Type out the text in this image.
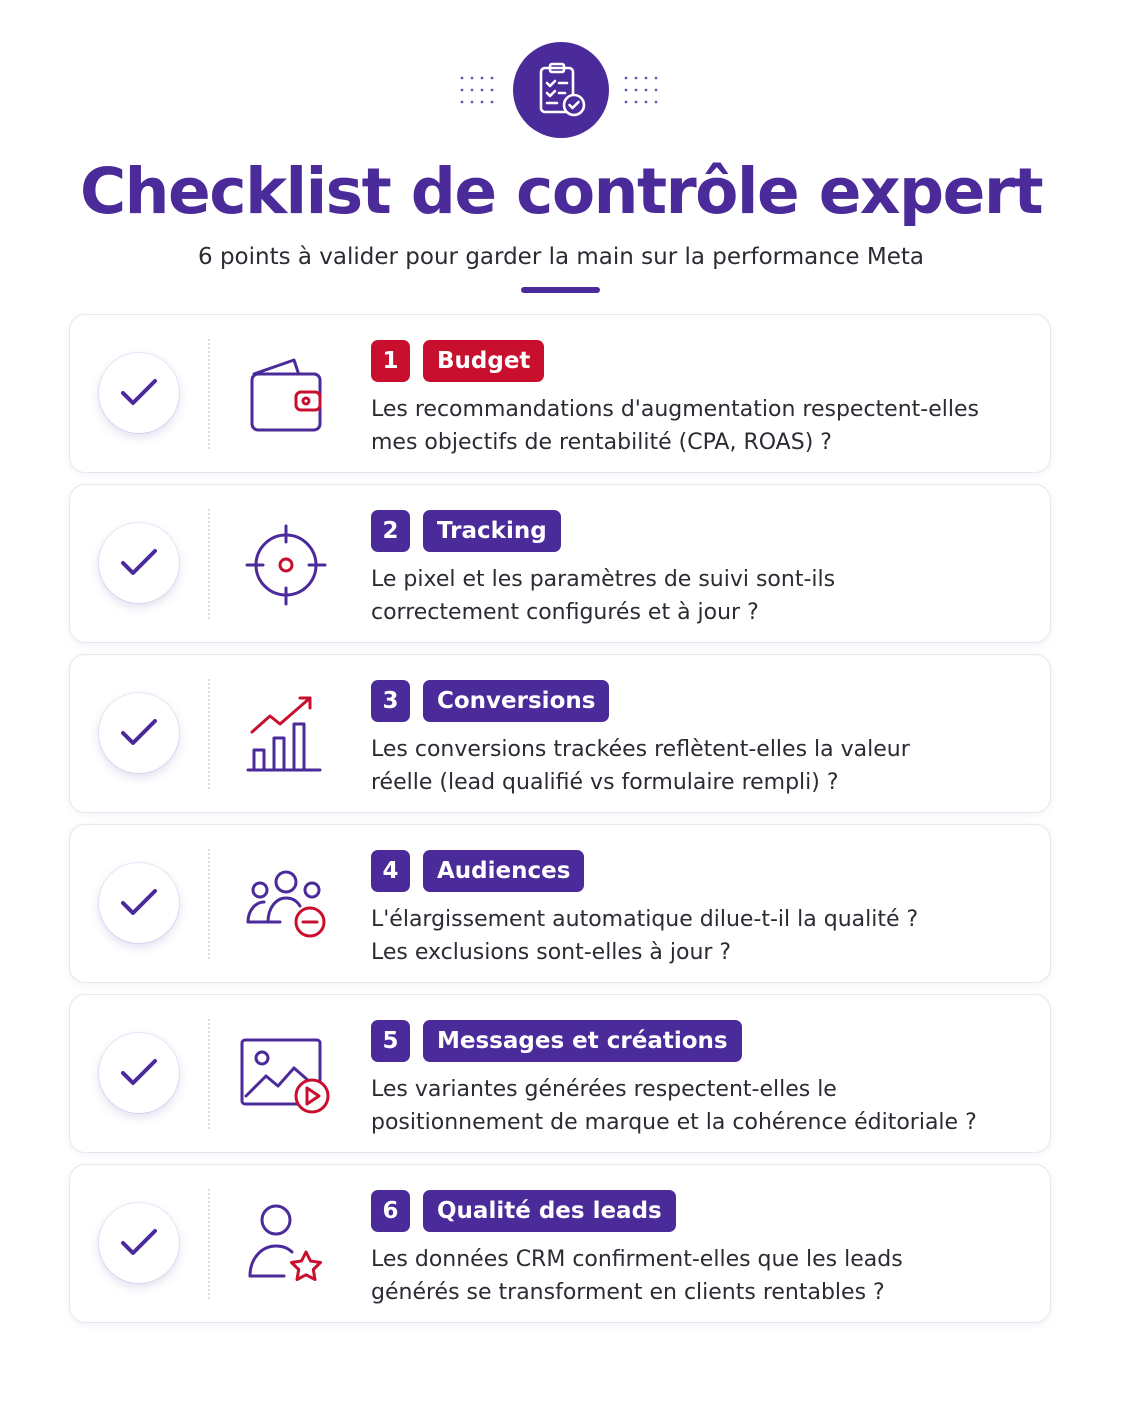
Checklist de contrôle expert
6 points à valider pour garder la main sur la performance Meta
1	Budget
Les recommandations d'augmentation respectent-elles
mes objectifs de rentabilité (CPA, ROAS) ?
2	Tracking
Le pixel et les paramètres de suivi sont-ils
correctement configurés et à jour ?
3	Conversions
Les conversions trackées reflètent-elles la valeur
réelle (lead qualifié vs formulaire rempli) ?
4	Audiences
L'élargissement automatique dilue-t-il la qualité ?
Les exclusions sont-elles à jour ?
5	Messages et créations
Les variantes générées respectent-elles le
positionnement de marque et la cohérence éditoriale ?
6	Qualité des leads
Les données CRM confirment-elles que les leads
générés se transforment en clients rentables ?
